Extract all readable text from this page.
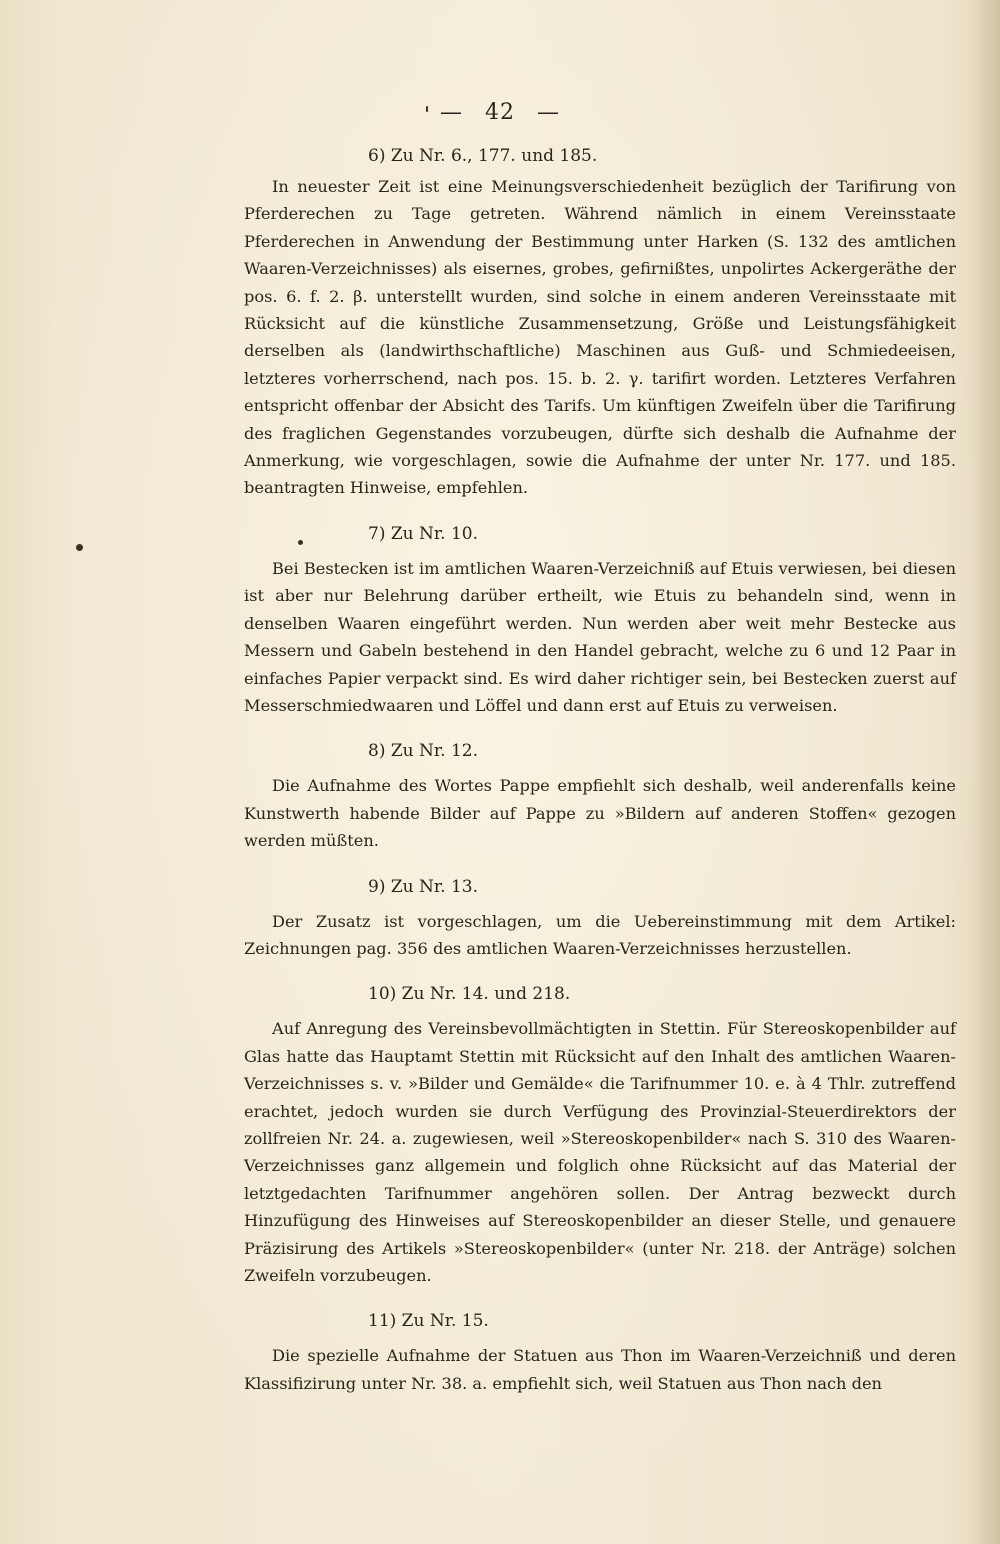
— 42 —

6) Zu Nr. 6., 177. und 185.

In neuester Zeit ist eine Meinungsverschiedenheit bezüglich der Tarifirung von Pferderechen zu Tage getreten. Während nämlich in einem Vereinsstaate Pferderechen in Anwendung der Bestimmung unter Harken (S. 132 des amtlichen Waaren-Verzeichnisses) als eisernes, grobes, gefirnißtes, unpolirtes Ackergeräthe der pos. 6. f. 2. β. unterstellt wurden, sind solche in einem anderen Vereinsstaate mit Rücksicht auf die künstliche Zusammensetzung, Größe und Leistungsfähigkeit derselben als (landwirthschaftliche) Maschinen aus Guß- und Schmiedeeisen, letzteres vorherrschend, nach pos. 15. b. 2. γ. tarifirt worden. Letzteres Verfahren entspricht offenbar der Absicht des Tarifs. Um künftigen Zweifeln über die Tarifirung des fraglichen Gegenstandes vorzubeugen, dürfte sich deshalb die Aufnahme der Anmerkung, wie vorgeschlagen, sowie die Aufnahme der unter Nr. 177. und 185. beantragten Hinweise, empfehlen.

7) Zu Nr. 10.

Bei Bestecken ist im amtlichen Waaren-Verzeichniß auf Etuis verwiesen, bei diesen ist aber nur Belehrung darüber ertheilt, wie Etuis zu behandeln sind, wenn in denselben Waaren eingeführt werden. Nun werden aber weit mehr Bestecke aus Messern und Gabeln bestehend in den Handel gebracht, welche zu 6 und 12 Paar in einfaches Papier verpackt sind. Es wird daher richtiger sein, bei Bestecken zuerst auf Messerschmiedwaaren und Löffel und dann erst auf Etuis zu verweisen.

8) Zu Nr. 12.

Die Aufnahme des Wortes Pappe empfiehlt sich deshalb, weil anderenfalls keine Kunstwerth habende Bilder auf Pappe zu »Bildern auf anderen Stoffen« gezogen werden müßten.

9) Zu Nr. 13.

Der Zusatz ist vorgeschlagen, um die Uebereinstimmung mit dem Artikel: Zeichnungen pag. 356 des amtlichen Waaren-Verzeichnisses herzustellen.

10) Zu Nr. 14. und 218.

Auf Anregung des Vereinsbevollmächtigten in Stettin. Für Stereoskopenbilder auf Glas hatte das Hauptamt Stettin mit Rücksicht auf den Inhalt des amtlichen Waaren-Verzeichnisses s. v. »Bilder und Gemälde« die Tarifnummer 10. e. à 4 Thlr. zutreffend erachtet, jedoch wurden sie durch Verfügung des Provinzial-Steuerdirektors der zollfreien Nr. 24. a. zugewiesen, weil »Stereoskopenbilder« nach S. 310 des Waaren-Verzeichnisses ganz allgemein und folglich ohne Rücksicht auf das Material der letztgedachten Tarifnummer angehören sollen. Der Antrag bezweckt durch Hinzufügung des Hinweises auf Stereoskopenbilder an dieser Stelle, und genauere Präzisirung des Artikels »Stereoskopenbilder« (unter Nr. 218. der Anträge) solchen Zweifeln vorzubeugen.

11) Zu Nr. 15.

Die spezielle Aufnahme der Statuen aus Thon im Waaren-Verzeichniß und deren Klassifizirung unter Nr. 38. a. empfiehlt sich, weil Statuen aus Thon nach den
